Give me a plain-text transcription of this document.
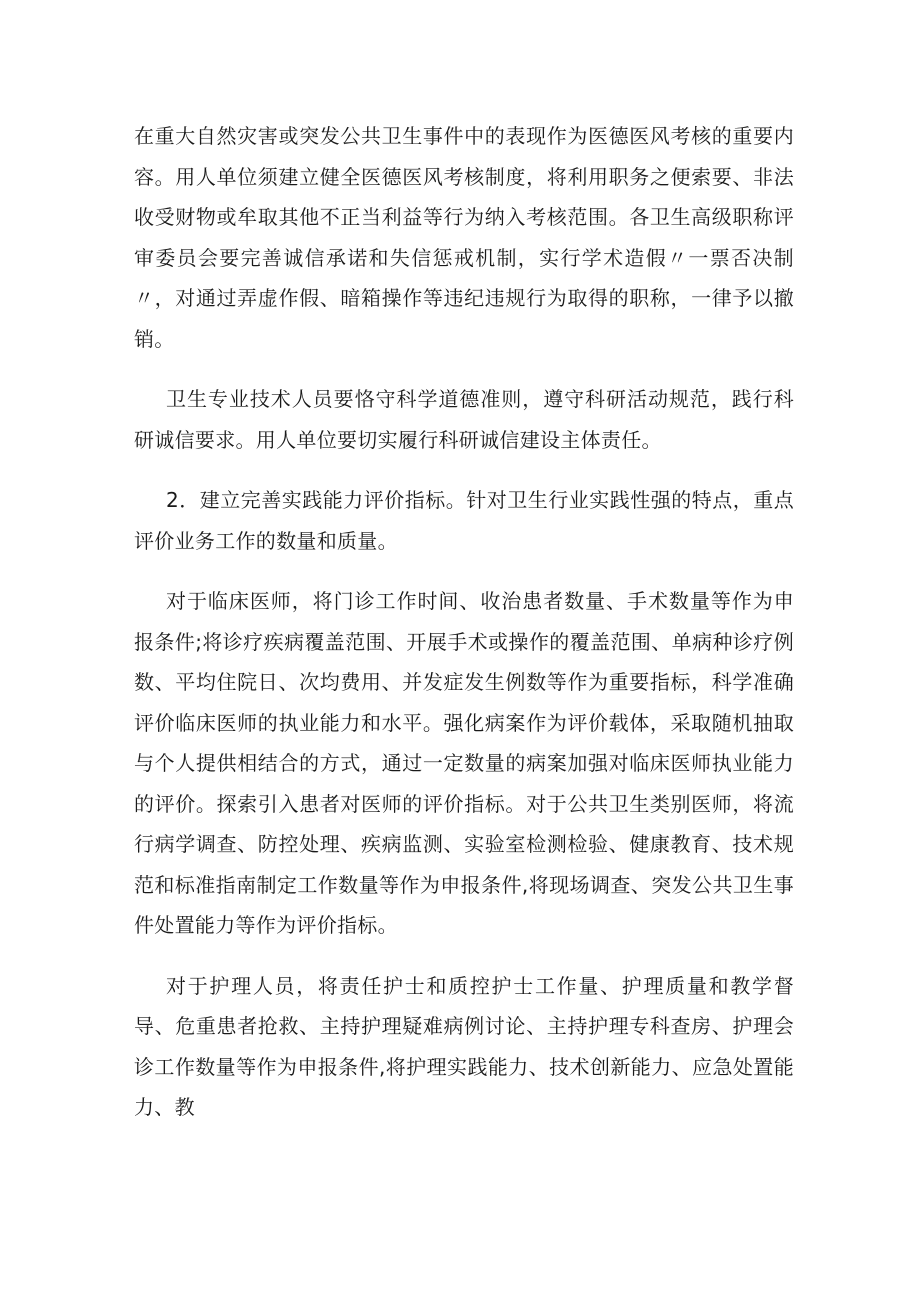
在重大自然灾害或突发公共卫生事件中的表现作为医德医风考核的重要内容。用人单位须建立健全医德医风考核制度，将利用职务之便索要、非法收受财物或牟取其他不正当利益等行为纳入考核范围。各卫生高级职称评审委员会要完善诚信承诺和失信惩戒机制，实行学术造假〃一票否决制〃，对通过弄虚作假、暗箱操作等违纪违规行为取得的职称，一律予以撤销。

卫生专业技术人员要恪守科学道德准则，遵守科研活动规范，践行科研诚信要求。用人单位要切实履行科研诚信建设主体责任。

2．建立完善实践能力评价指标。针对卫生行业实践性强的特点，重点评价业务工作的数量和质量。

对于临床医师，将门诊工作时间、收治患者数量、手术数量等作为申报条件;将诊疗疾病覆盖范围、开展手术或操作的覆盖范围、单病种诊疗例数、平均住院日、次均费用、并发症发生例数等作为重要指标，科学准确评价临床医师的执业能力和水平。强化病案作为评价载体，采取随机抽取与个人提供相结合的方式，通过一定数量的病案加强对临床医师执业能力的评价。探索引入患者对医师的评价指标。对于公共卫生类别医师，将流行病学调查、防控处理、疾病监测、实验室检测检验、健康教育、技术规范和标准指南制定工作数量等作为申报条件,将现场调查、突发公共卫生事件处置能力等作为评价指标。

对于护理人员，将责任护士和质控护士工作量、护理质量和教学督导、危重患者抢救、主持护理疑难病例讨论、主持护理专科查房、护理会诊工作数量等作为申报条件,将护理实践能力、技术创新能力、应急处置能力、教
